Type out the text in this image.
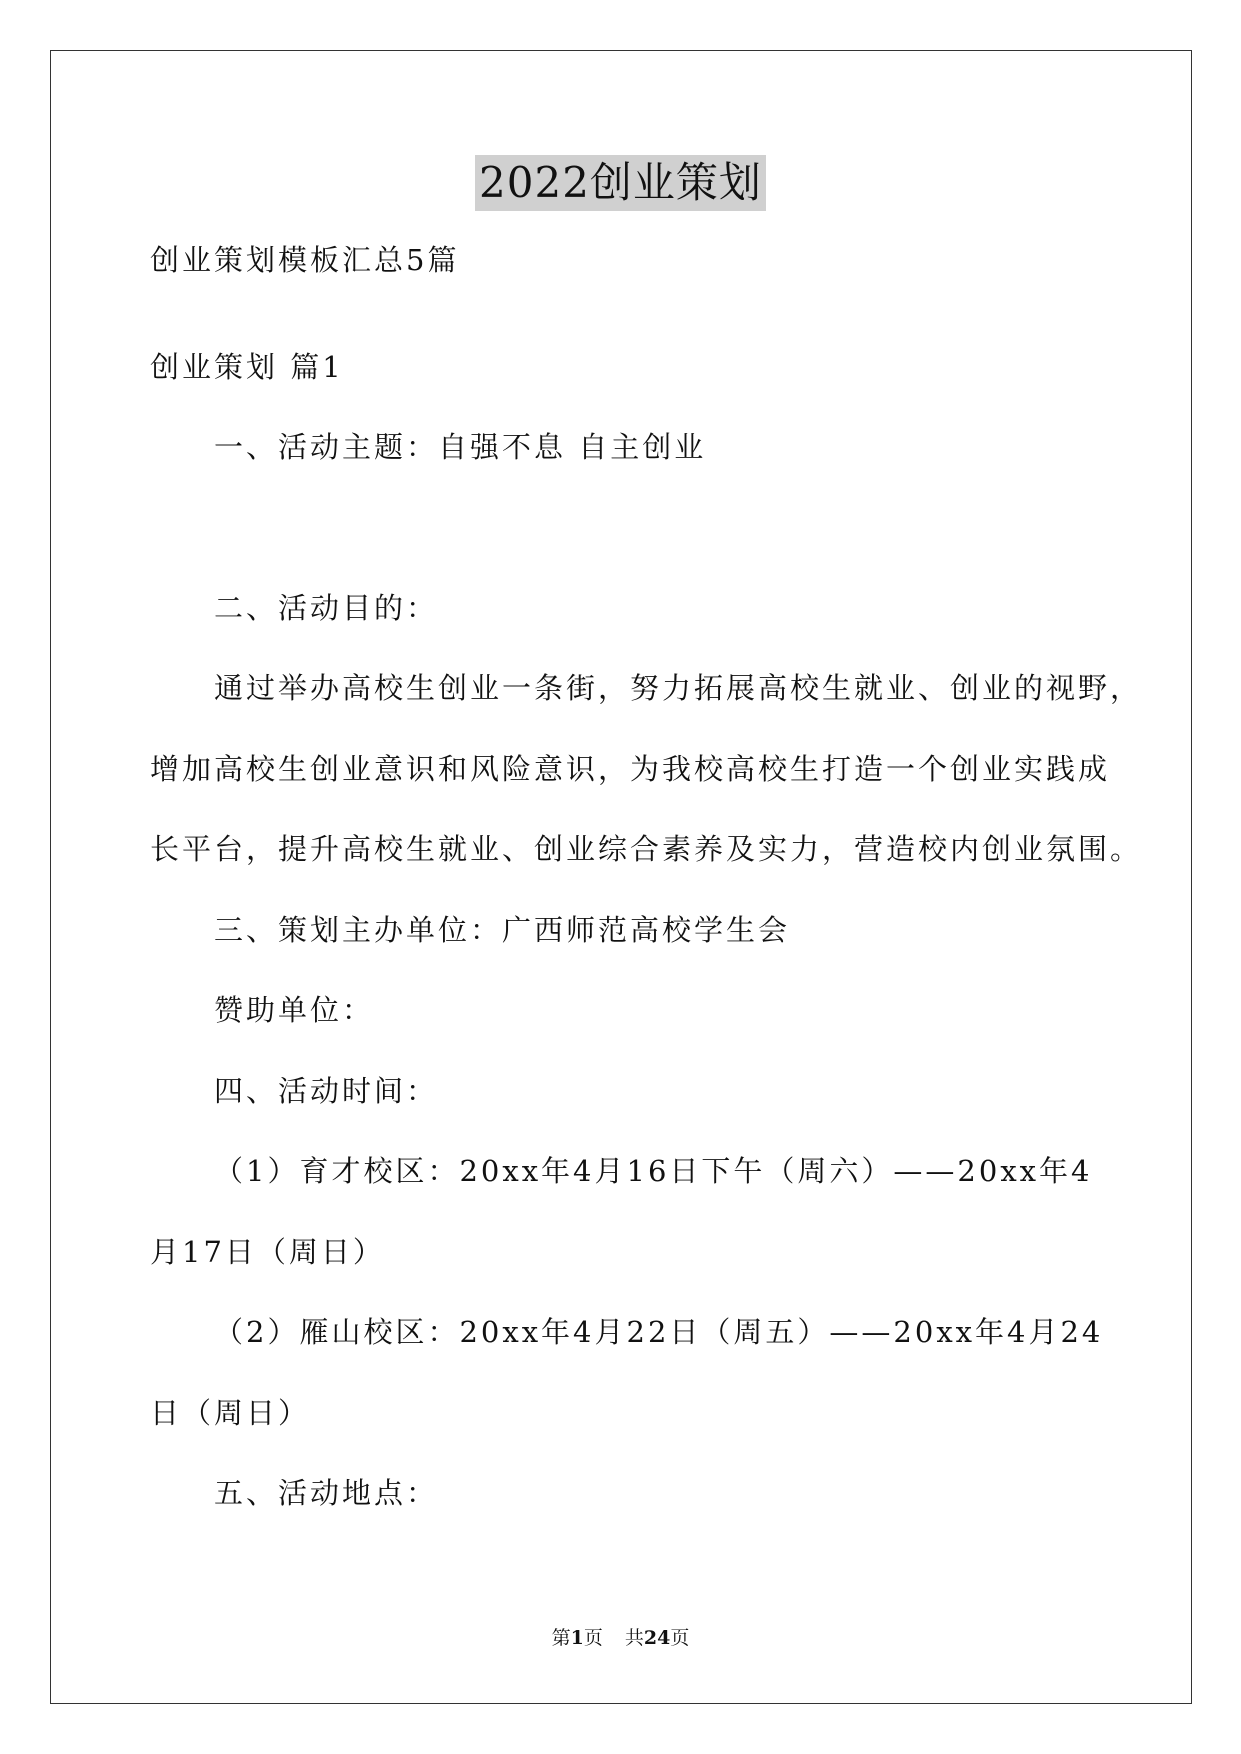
2022创业策划
创业策划模板汇总5篇
创业策划 篇1
一、活动主题：自强不息 自主创业
二、活动目的：
通过举办高校生创业一条街，努力拓展高校生就业、创业的视野，
增加高校生创业意识和风险意识，为我校高校生打造一个创业实践成
长平台，提升高校生就业、创业综合素养及实力，营造校内创业氛围。
三、策划主办单位：广西师范高校学生会
赞助单位：
四、活动时间：
（1）育才校区：20xx年4月16日下午（周六）——20xx年4
月17日（周日）
（2）雁山校区：20xx年4月22日（周五）——20xx年4月24
日（周日）
五、活动地点：
第1页 共24页
